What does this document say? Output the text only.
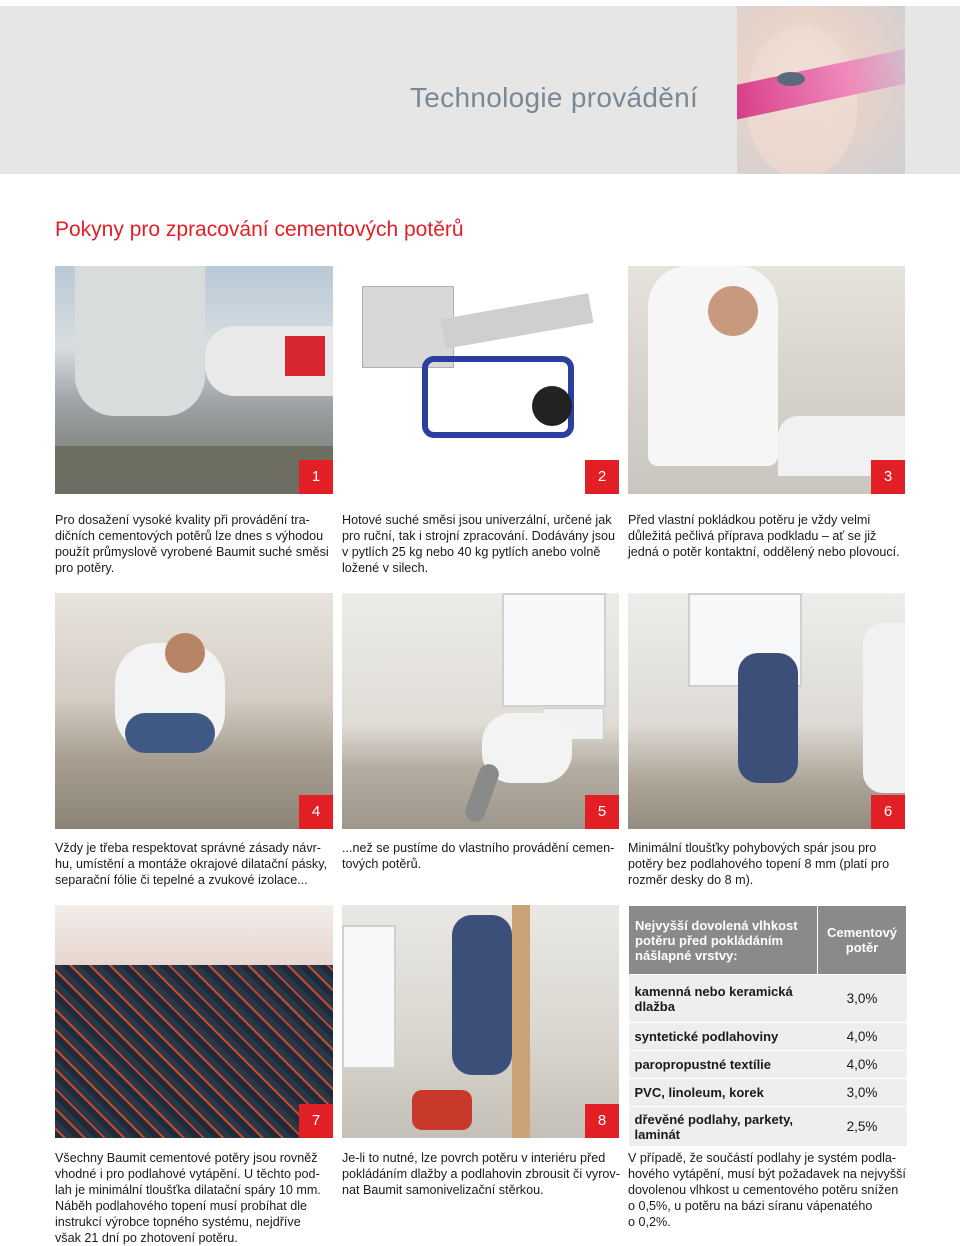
Technologie provádění
Pokyny pro zpracování cementových potěrů
1	2	3
4	5	6
7	8
Pro dosažení vysoké kvality při provádění tra-
dičních cementových potěrů lze dnes s výhodou
použít průmyslově vyrobené Baumit suché směsi
pro potěry.
Hotové suché směsi jsou univerzální, určené jak
pro ruční, tak i strojní zpracování. Dodávány jsou
v pytlích 25 kg nebo 40 kg pytlích anebo volně
ložené v silech.
Před vlastní pokládkou potěru je vždy velmi
důležitá pečlivá příprava podkladu – ať se již
jedná o potěr kontaktní, oddělený nebo plovoucí.
Vždy je třeba respektovat správné zásady návr-
hu, umístění a montáže okrajové dilatační pásky,
separační fólie či tepelné a zvukové izolace...
...než se pustíme do vlastního provádění cemen-
tových potěrů.
Minimální tloušťky pohybových spár jsou pro
potěry bez podlahového topení 8 mm (platí pro
rozměr desky do 8 m).
Všechny Baumit cementové potěry jsou rovněž
vhodné i pro podlahové vytápění. U těchto pod-
lah je minimální tloušťka dilatační spáry 10 mm.
Náběh podlahového topení musí probíhat dle
instrukcí výrobce topného systému, nejdříve
však 21 dní po zhotovení potěru.
Je-li to nutné, lze povrch potěru v interiéru před
pokládáním dlažby a podlahovin zbrousit či vyrov-
nat Baumit samonivelizační stěrkou.
V případě, že součástí podlahy je systém podla-
hového vytápění, musí být požadavek na nejvyšší
dovolenou vlhkost u cementového potěru snížen
o 0,5%, u potěru na bázi síranu vápenatého
o 0,2%.
Nejvyšší dovolená vlhkost potěru před pokládáním nášlapné vrstvy:	Cementový potěr
kamenná nebo keramická dlažba	3,0%
syntetické podlahoviny	4,0%
paropropustné textílie	4,0%
PVC, linoleum, korek	3,0%
dřevěné podlahy, parkety, laminát	2,5%
